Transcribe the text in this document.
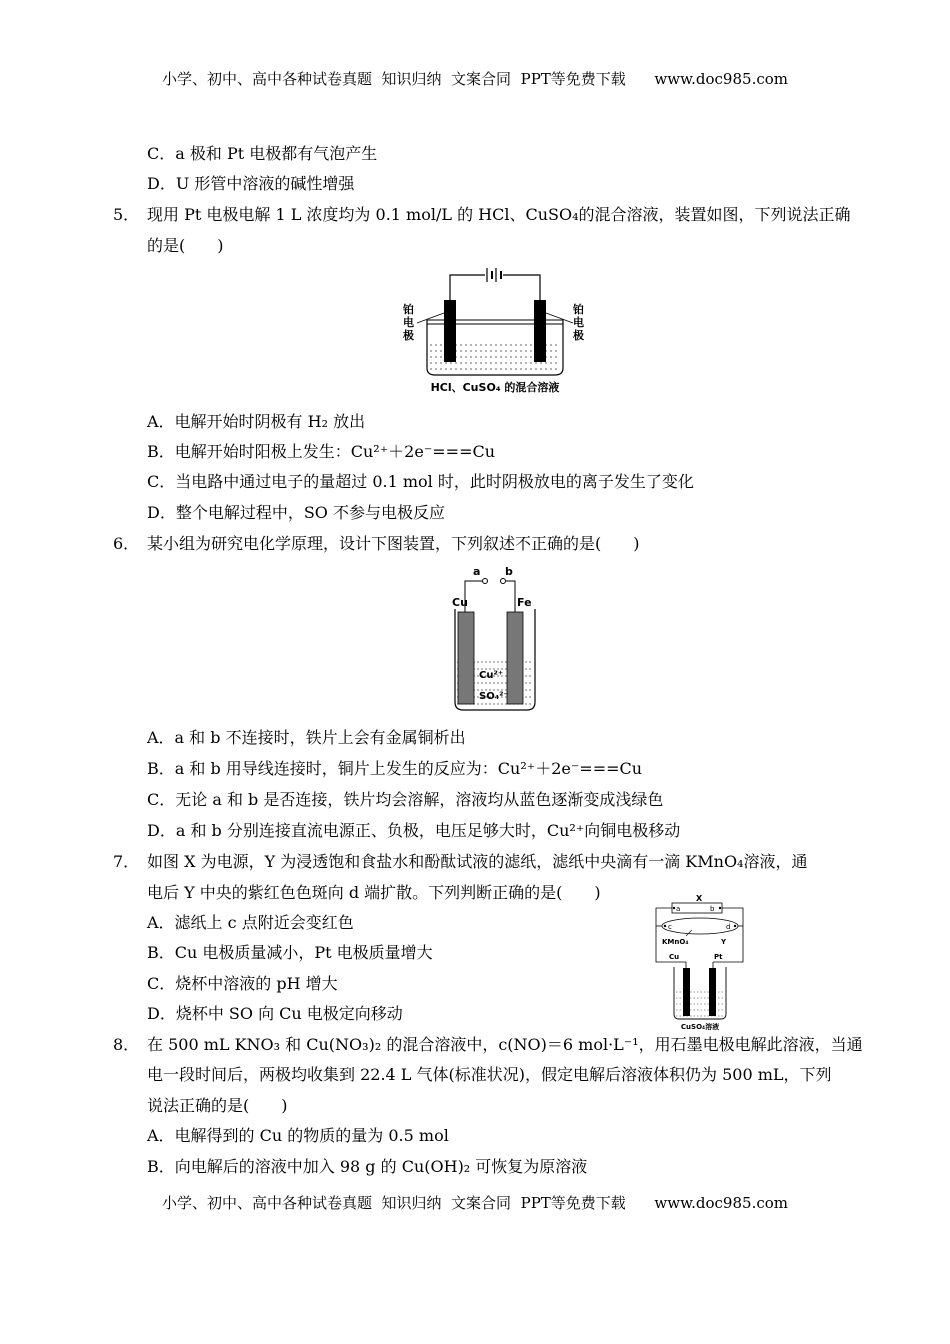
小学、初中、高中各种试卷真题  知识归纳  文案合同  PPT等免费下载      www.doc985.com
C．a 极和 Pt 电极都有气泡产生
D．U 形管中溶液的碱性增强
5． 现用 Pt 电极电解 1 L 浓度均为 0.1 mol/L 的 HCl、CuSO₄的混合溶液，装置如图，下列说法正确
的是(　　)
铂
电
极
铂
电
极
HCl、CuSO₄ 的混合溶液
A．电解开始时阴极有 H₂ 放出
B．电解开始时阳极上发生：Cu²⁺＋2e⁻===Cu
C．当电路中通过电子的量超过 0.1 mol 时，此时阴极放电的离子发生了变化
D．整个电解过程中，SO 不参与电极反应
6． 某小组为研究电化学原理，设计下图装置，下列叙述不正确的是(　　)
a b
Cu	Fe
Cu²⁺
SO₄²⁻
A．a 和 b 不连接时，铁片上会有金属铜析出
B．a 和 b 用导线连接时，铜片上发生的反应为：Cu²⁺＋2e⁻===Cu
C．无论 a 和 b 是否连接，铁片均会溶解，溶液均从蓝色逐渐变成浅绿色
D．a 和 b 分别连接直流电源正、负极，电压足够大时，Cu²⁺向铜电极移动
7． 如图 X 为电源，Y 为浸透饱和食盐水和酚酞试液的滤纸，滤纸中央滴有一滴 KMnO₄溶液，通
电后 Y 中央的紫红色色斑向 d 端扩散。下列判断正确的是(　　)
A．滤纸上 c 点附近会变红色
B．Cu 电极质量减小，Pt 电极质量增大
C．烧杯中溶液的 pH 增大
D．烧杯中 SO 向 Cu 电极定向移动
X
a	b
c	d
KMnO₄	Y
Cu	Pt
CuSO₄溶液
8． 在 500 mL KNO₃ 和 Cu(NO₃)₂ 的混合溶液中，c(NO)＝6 mol·L⁻¹，用石墨电极电解此溶液，当通
电一段时间后，两极均收集到 22.4 L 气体(标准状况)，假定电解后溶液体积仍为 500 mL，下列
说法正确的是(　　)
A．电解得到的 Cu 的物质的量为 0.5 mol
B．向电解后的溶液中加入 98 g 的 Cu(OH)₂ 可恢复为原溶液
小学、初中、高中各种试卷真题  知识归纳  文案合同  PPT等免费下载      www.doc985.com
